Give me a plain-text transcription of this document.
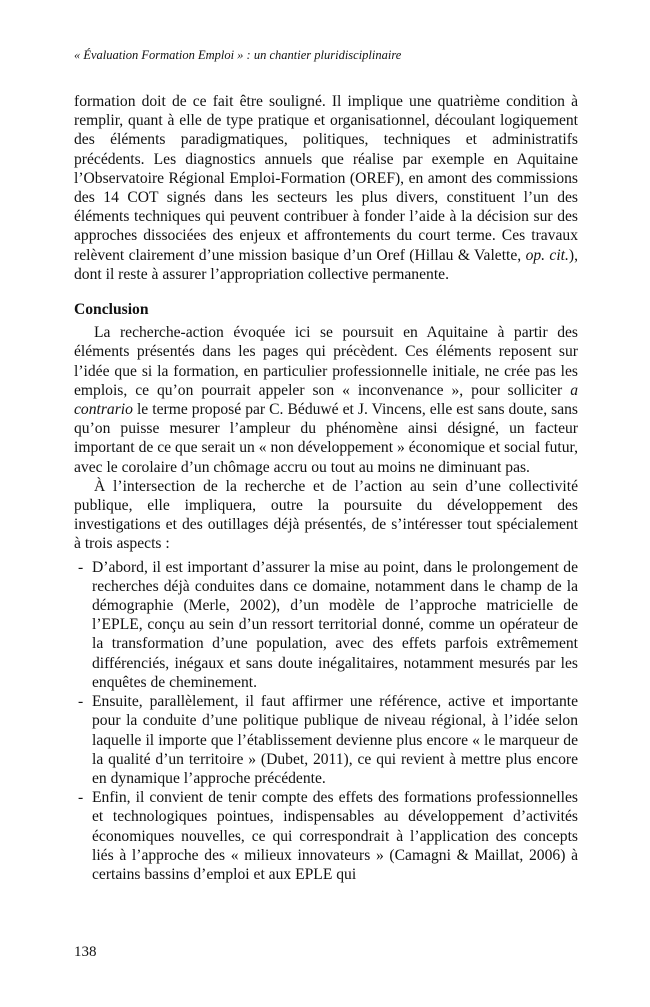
« Évaluation Formation Emploi » : un chantier pluridisciplinaire

formation doit de ce fait être souligné. Il implique une quatrième condition à remplir, quant à elle de type pratique et organisationnel, découlant logiquement des éléments paradigmatiques, politiques, techniques et administratifs précédents. Les diagnostics annuels que réalise par exemple en Aquitaine l’Observatoire Régional Emploi-Formation (OREF), en amont des commissions des 14 COT signés dans les secteurs les plus divers, constituent l’un des éléments techniques qui peuvent contribuer à fonder l’aide à la décision sur des approches dissociées des enjeux et affrontements du court terme. Ces travaux relèvent clairement d’une mission basique d’un Oref (Hillau & Valette, op. cit.), dont il reste à assurer l’appropriation collective permanente.

Conclusion

La recherche-action évoquée ici se poursuit en Aquitaine à partir des éléments présentés dans les pages qui précèdent. Ces éléments reposent sur l’idée que si la formation, en particulier professionnelle initiale, ne crée pas les emplois, ce qu’on pourrait appeler son « inconvenance », pour solliciter a contrario le terme proposé par C. Béduwé et J. Vincens, elle est sans doute, sans qu’on puisse mesurer l’ampleur du phénomène ainsi désigné, un facteur important de ce que serait un « non développement » économique et social futur, avec le corolaire d’un chômage accru ou tout au moins ne diminuant pas.

À l’intersection de la recherche et de l’action au sein d’une collectivité publique, elle impliquera, outre la poursuite du développement des investigations et des outillages déjà présentés, de s’intéresser tout spécialement à trois aspects :

- D’abord, il est important d’assurer la mise au point, dans le prolongement de recherches déjà conduites dans ce domaine, notamment dans le champ de la démographie (Merle, 2002), d’un modèle de l’approche matricielle de l’EPLE, conçu au sein d’un ressort territorial donné, comme un opérateur de la transformation d’une population, avec des effets parfois extrêmement différenciés, inégaux et sans doute inégalitaires, notamment mesurés par les enquêtes de cheminement.
- Ensuite, parallèlement, il faut affirmer une référence, active et importante pour la conduite d’une politique publique de niveau régional, à l’idée selon laquelle il importe que l’établissement devienne plus encore « le marqueur de la qualité d’un territoire » (Dubet, 2011), ce qui revient à mettre plus encore en dynamique l’approche précédente.
- Enfin, il convient de tenir compte des effets des formations professionnelles et technologiques pointues, indispensables au développement d’activités économiques nouvelles, ce qui correspondrait à l’application des concepts liés à l’approche des « milieux innovateurs » (Camagni & Maillat, 2006) à certains bassins d’emploi et aux EPLE qui
138
